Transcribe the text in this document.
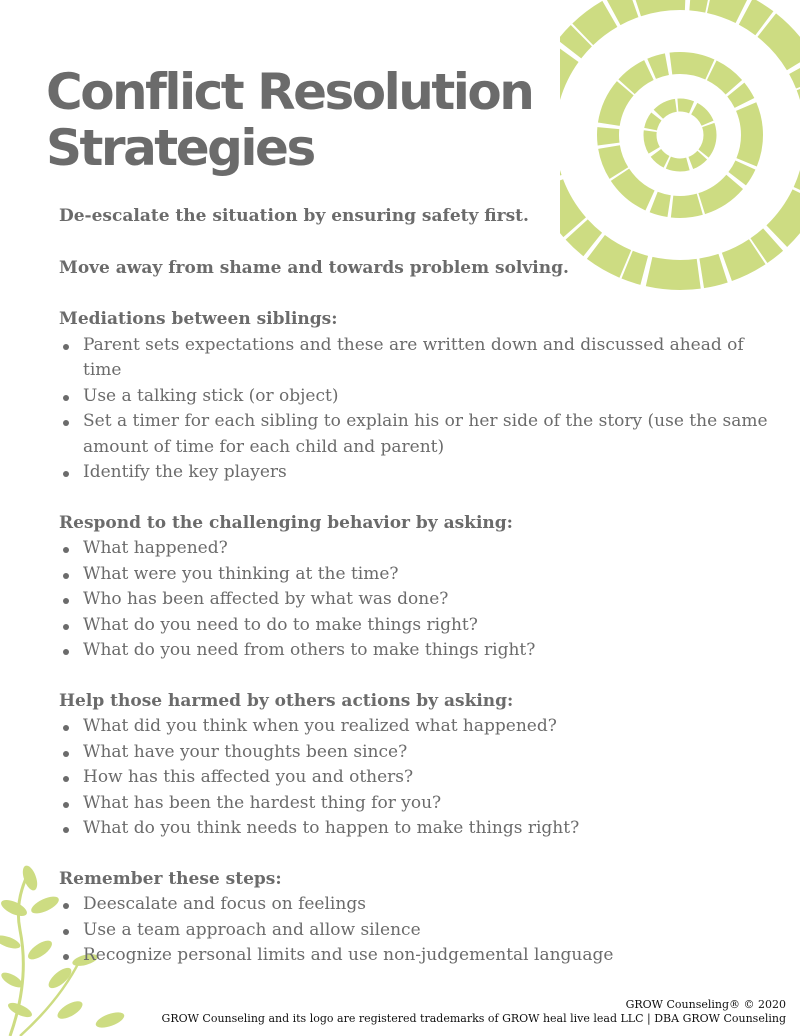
Conflict Resolution
Strategies

De-escalate the situation by ensuring safety first.

Move away from shame and towards problem solving.

Mediations between siblings:

Parent sets expectations and these are written down and discussed ahead of time
Use a talking stick (or object)
Set a timer for each sibling to explain his or her side of the story (use the same amount of time for each child and parent)
Identify the key players

Respond to the challenging behavior by asking:

What happened?
What were you thinking at the time?
Who has been affected by what was done?
What do you need to do to make things right?
What do you need from others to make things right?

Help those harmed by others actions by asking:

What did you think when you realized what happened?
What have your thoughts been since?
How has this affected you and others?
What has been the hardest thing for you?
What do you think needs to happen to make things right?

Remember these steps:

Deescalate and focus on feelings
Use a team approach and allow silence
Recognize personal limits and use non-judgemental language
GROW Counseling® © 2020
GROW Counseling and its logo are registered trademarks of GROW heal live lead LLC | DBA GROW Counseling
